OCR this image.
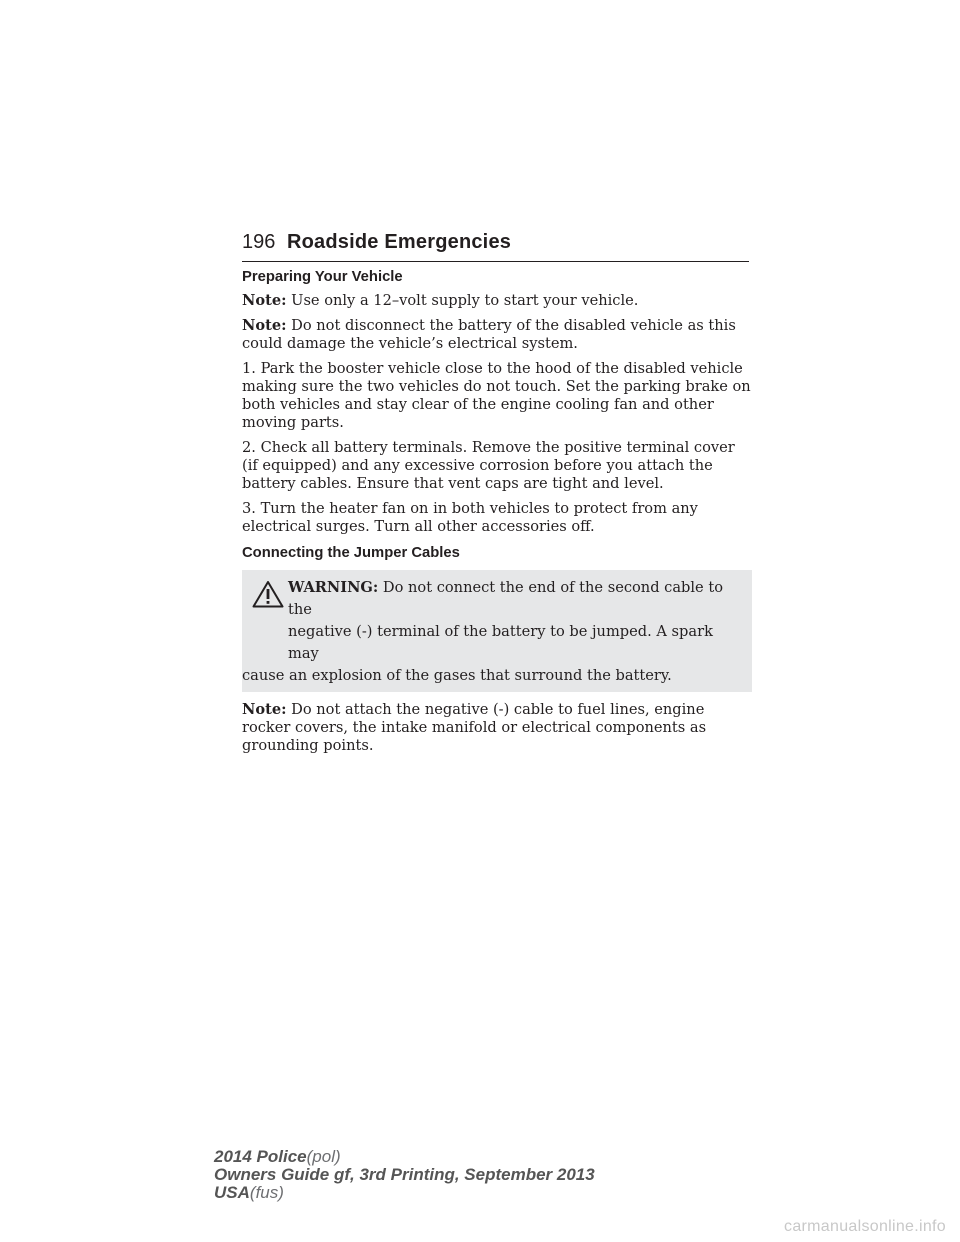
196 Roadside Emergencies
Preparing Your Vehicle

Note: Use only a 12–volt supply to start your vehicle.

Note: Do not disconnect the battery of the disabled vehicle as this could damage the vehicle’s electrical system.

1. Park the booster vehicle close to the hood of the disabled vehicle making sure the two vehicles do not touch. Set the parking brake on both vehicles and stay clear of the engine cooling fan and other moving parts.

2. Check all battery terminals. Remove the positive terminal cover (if equipped) and any excessive corrosion before you attach the battery cables. Ensure that vent caps are tight and level.

3. Turn the heater fan on in both vehicles to protect from any electrical surges. Turn all other accessories off.

Connecting the Jumper Cables
WARNING: Do not connect the end of the second cable to the
negative (-) terminal of the battery to be jumped. A spark may
cause an explosion of the gases that surround the battery.

Note: Do not attach the negative (-) cable to fuel lines, engine rocker covers, the intake manifold or electrical components as grounding points.

2014 Police(pol)
Owners Guide gf, 3rd Printing, September 2013
USA(fus)
carmanualsonline.info
